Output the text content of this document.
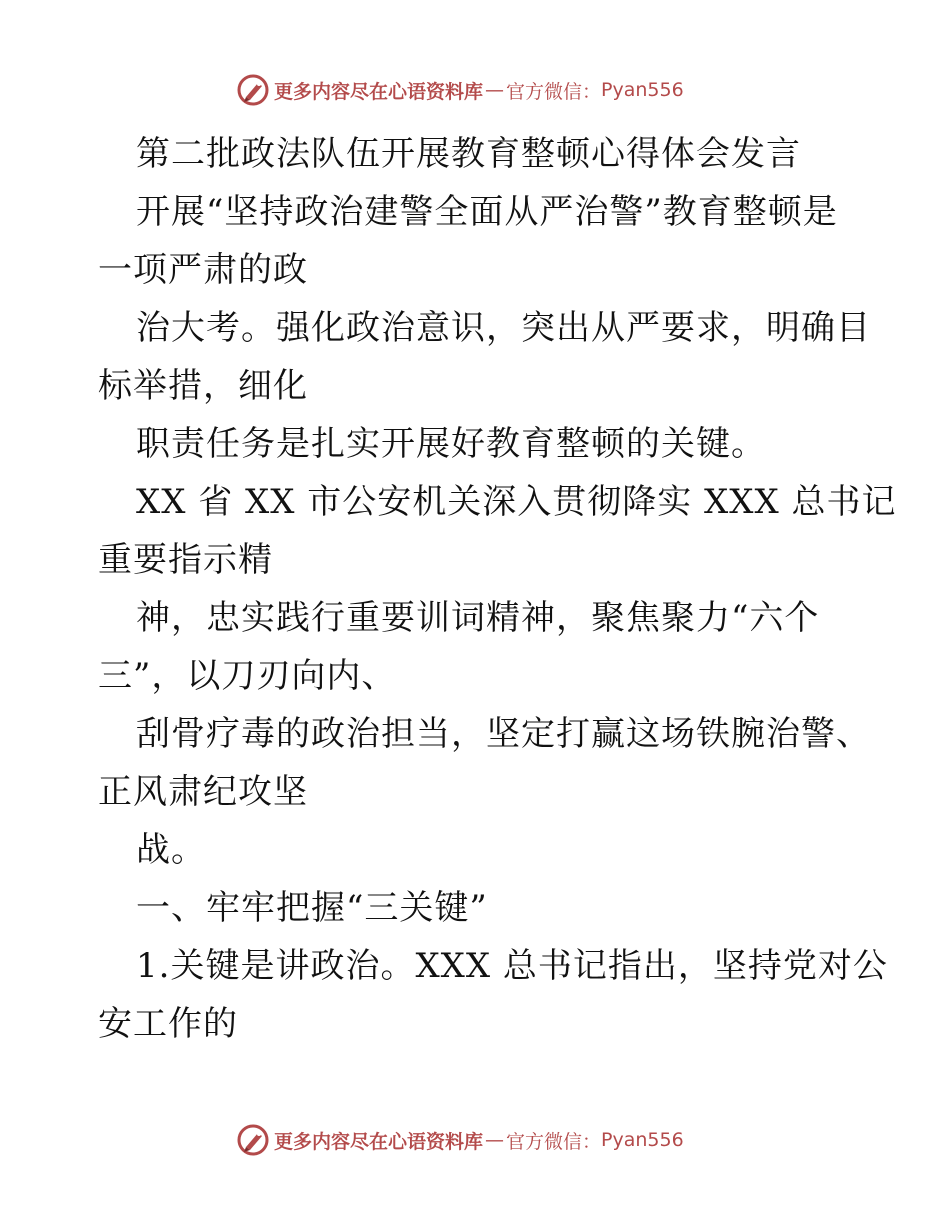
更多内容尽在心语资料库 — 官方微信： Pyan556
第二批政法队伍开展教育整顿心得体会发言
开展“坚持政治建警全面从严治警”教育整顿是
一项严肃的政
治大考。强化政治意识，突出从严要求，明确目
标举措，细化
职责任务是扎实开展好教育整顿的关键。
XX 省 XX 市公安机关深入贯彻降实 XXX 总书记
重要指示精
神，忠实践行重要训词精神，聚焦聚力“六个
三”，以刀刃向内、
刮骨疗毒的政治担当，坚定打赢这场铁腕治警、
正风肃纪攻坚
战。
一、牢牢把握“三关键”
1.关键是讲政治。XXX 总书记指出，坚持党对公
安工作的
更多内容尽在心语资料库 — 官方微信： Pyan556
